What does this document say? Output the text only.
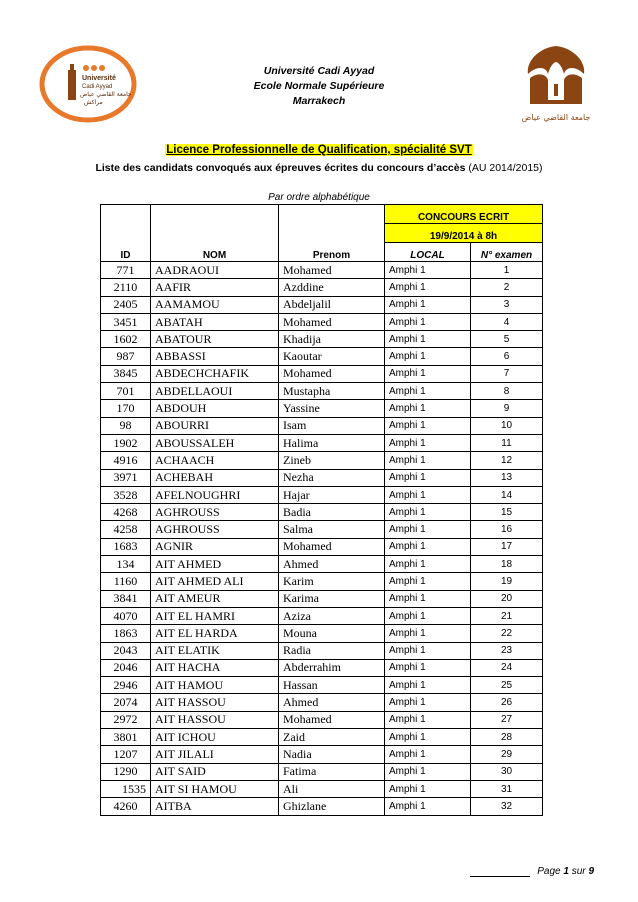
Université
Cadi Ayyad
جامعة القاضي عياض
مراكش
جامعة القاضي عياض
Université Cadi Ayyad
Ecole Normale Supérieure
Marrakech
Licence Professionnelle de Qualification, spécialité SVT
Liste des candidats convoqués aux épreuves écrites du concours d’accès (AU 2014/2015)
Par ordre alphabétique
ID	NOM	Prenom	CONCOURS ECRIT	
			19/9/2014 à 8h	
			LOCAL	N° examen
771	AADRAOUI	Mohamed	Amphi 1	1
2110	AAFIR	Azddine	Amphi 1	2
2405	AAMAMOU	Abdeljalil	Amphi 1	3
3451	ABATAH	Mohamed	Amphi 1	4
1602	ABATOUR	Khadija	Amphi 1	5
987	ABBASSI	Kaoutar	Amphi 1	6
3845	ABDECHCHAFIK	Mohamed	Amphi 1	7
701	ABDELLAOUI	Mustapha	Amphi 1	8
170	ABDOUH	Yassine	Amphi 1	9
98	ABOURRI	Isam	Amphi 1	10
1902	ABOUSSALEH	Halima	Amphi 1	11
4916	ACHAACH	Zineb	Amphi 1	12
3971	ACHEBAH	Nezha	Amphi 1	13
3528	AFELNOUGHRI	Hajar	Amphi 1	14
4268	AGHROUSS	Badia	Amphi 1	15
4258	AGHROUSS	Salma	Amphi 1	16
1683	AGNIR	Mohamed	Amphi 1	17
134	AIT AHMED	Ahmed	Amphi 1	18
1160	AIT AHMED ALI	Karim	Amphi 1	19
3841	AIT AMEUR	Karima	Amphi 1	20
4070	AIT EL HAMRI	Aziza	Amphi 1	21
1863	AIT EL HARDA	Mouna	Amphi 1	22
2043	AIT ELATIK	Radia	Amphi 1	23
2046	AIT HACHA	Abderrahim	Amphi 1	24
2946	AIT HAMOU	Hassan	Amphi 1	25
2074	AIT HASSOU	Ahmed	Amphi 1	26
2972	AIT HASSOU	Mohamed	Amphi 1	27
3801	AIT ICHOU	Zaid	Amphi 1	28
1207	AIT JILALI	Nadia	Amphi 1	29
1290	AIT SAID	Fatima	Amphi 1	30
1535	AIT SI HAMOU	Ali	Amphi 1	31
4260	AITBA	Ghizlane	Amphi 1	32
Page 1 sur 9
